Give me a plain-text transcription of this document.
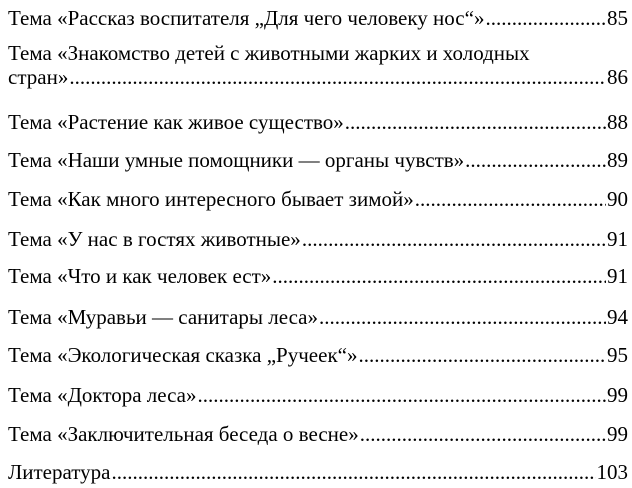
Тема «Рассказ воспитателя „Для чего человеку нос“» .....	85
Тема «Знакомство детей с животными жарких и холодных
стран» .....	86
Тема «Растение как живое существо» .....	88
Тема «Наши умные помощники — органы чувств» .....	89
Тема «Как много интересного бывает зимой» .....	90
Тема «У нас в гостях животные» .....	91
Тема «Что и как человек ест» .....	91
Тема «Муравьи — санитары леса» .....	94
Тема «Экологическая сказка „Ручеек“» .....	95
Тема «Доктора леса» .....	99
Тема «Заключительная беседа о весне» .....	99
Литература .....	103
